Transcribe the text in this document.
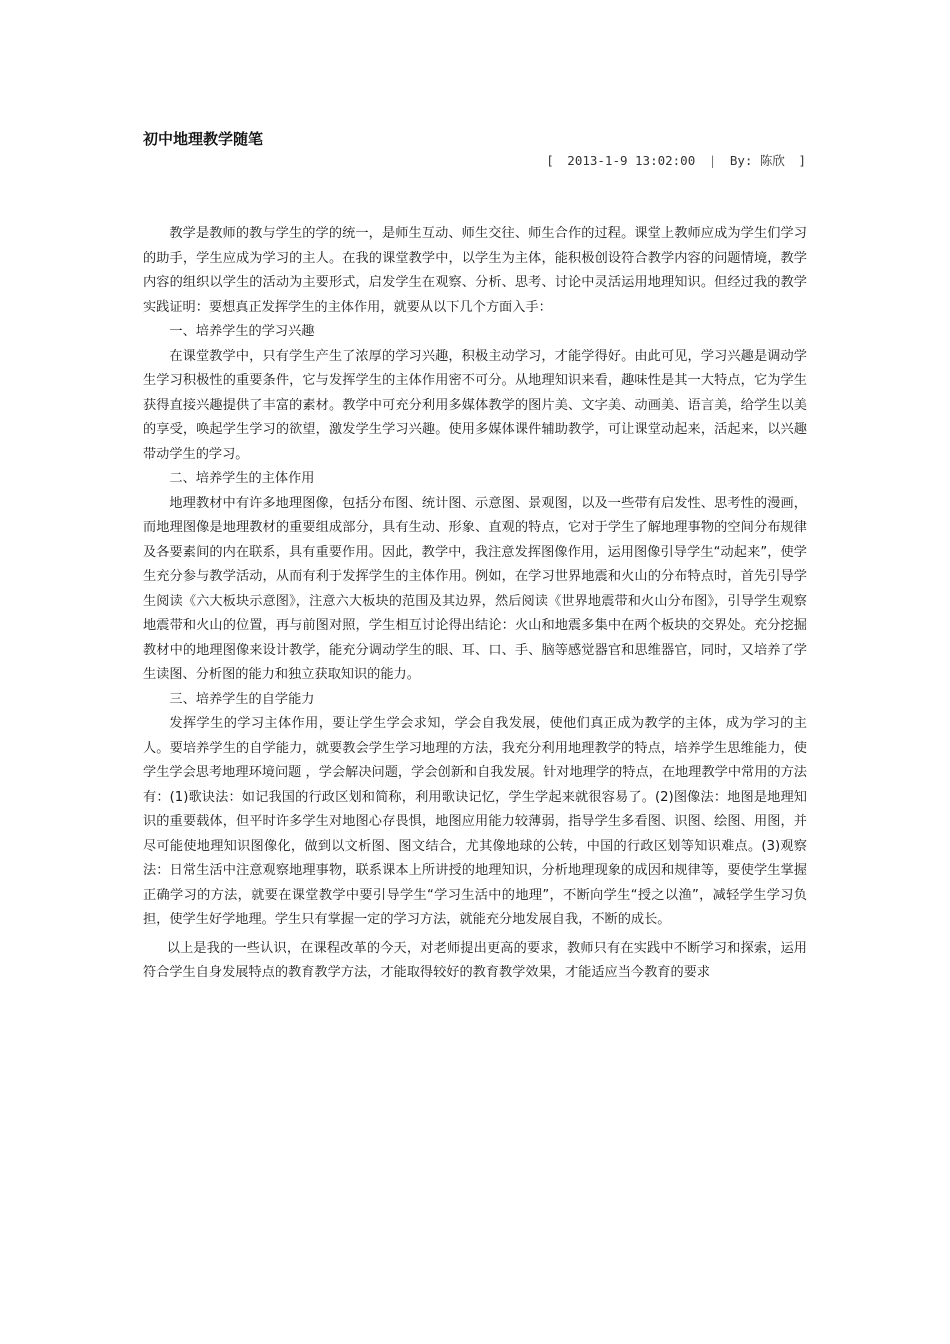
初中地理教学随笔
[ 2013-1-9 13:02:00 | By: 陈欣 ]

教学是教师的教与学生的学的统一，是师生互动、师生交往、师生合作的过程。课堂上教师应成为学生们学习的助手，学生应成为学习的主人。在我的课堂教学中，以学生为主体，能积极创设符合教学内容的问题情境，教学内容的组织以学生的活动为主要形式，启发学生在观察、分析、思考、讨论中灵活运用地理知识。但经过我的教学实践证明：要想真正发挥学生的主体作用，就要从以下几个方面入手：

一、培养学生的学习兴趣

在课堂教学中，只有学生产生了浓厚的学习兴趣，积极主动学习，才能学得好。由此可见，学习兴趣是调动学生学习积极性的重要条件，它与发挥学生的主体作用密不可分。从地理知识来看，趣味性是其一大特点，它为学生获得直接兴趣提供了丰富的素材。教学中可充分利用多媒体教学的图片美、文字美、动画美、语言美，给学生以美的享受，唤起学生学习的欲望，激发学生学习兴趣。使用多媒体课件辅助教学，可让课堂动起来，活起来，以兴趣带动学生的学习。

二、培养学生的主体作用

地理教材中有许多地理图像，包括分布图、统计图、示意图、景观图，以及一些带有启发性、思考性的漫画，而地理图像是地理教材的重要组成部分，具有生动、形象、直观的特点，它对于学生了解地理事物的空间分布规律及各要素间的内在联系，具有重要作用。因此，教学中，我注意发挥图像作用，运用图像引导学生“动起来”，使学生充分参与教学活动，从而有利于发挥学生的主体作用。例如，在学习世界地震和火山的分布特点时，首先引导学生阅读《六大板块示意图》，注意六大板块的范围及其边界，然后阅读《世界地震带和火山分布图》，引导学生观察地震带和火山的位置，再与前图对照，学生相互讨论得出结论：火山和地震多集中在两个板块的交界处。充分挖掘教材中的地理图像来设计教学，能充分调动学生的眼、耳、口、手、脑等感觉器官和思维器官，同时，又培养了学生读图、分析图的能力和独立获取知识的能力。

三、培养学生的自学能力

发挥学生的学习主体作用，要让学生学会求知，学会自我发展，使他们真正成为教学的主体，成为学习的主人。要培养学生的自学能力，就要教会学生学习地理的方法，我充分利用地理教学的特点，培养学生思维能力，使学生学会思考地理环境问题 ，学会解决问题，学会创新和自我发展。针对地理学的特点，在地理教学中常用的方法有：(1)歌诀法：如记我国的行政区划和简称，利用歌诀记忆，学生学起来就很容易了。(2)图像法：地图是地理知识的重要载体，但平时许多学生对地图心存畏惧，地图应用能力较薄弱，指导学生多看图、识图、绘图、用图，并尽可能使地理知识图像化，做到以文析图、图文结合，尤其像地球的公转，中国的行政区划等知识难点。(3)观察法：日常生活中注意观察地理事物，联系课本上所讲授的地理知识，分析地理现象的成因和规律等，要使学生掌握正确学习的方法，就要在课堂教学中要引导学生“学习生活中的地理”，不断向学生“授之以渔”，减轻学生学习负担，使学生好学地理。学生只有掌握一定的学习方法，就能充分地发展自我，不断的成长。

以上是我的一些认识，在课程改革的今天，对老师提出更高的要求，教师只有在实践中不断学习和探索，运用符合学生自身发展特点的教育教学方法，才能取得较好的教育教学效果，才能适应当今教育的要求
